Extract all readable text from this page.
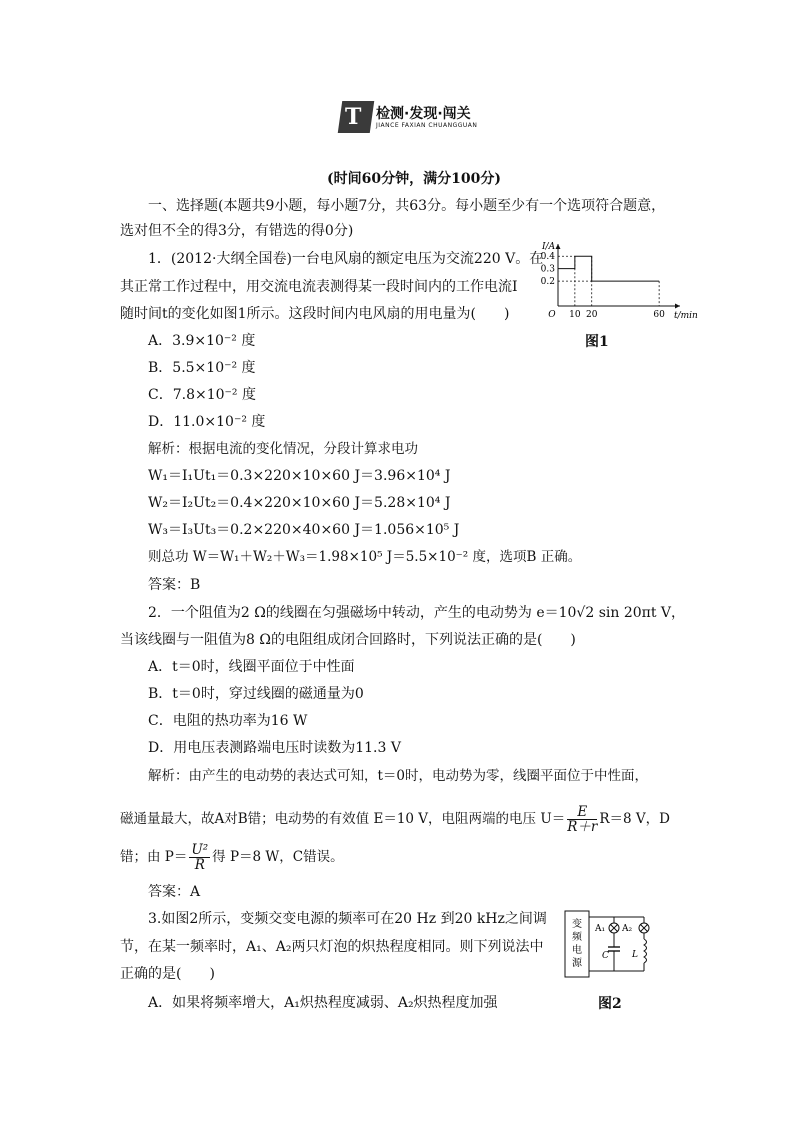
T 检测·发现·闯关
JIANCE FAXIAN CHUANGGUAN
(时间60分钟，满分100分)
一、选择题(本题共9小题，每小题7分，共63分。每小题至少有一个选项符合题意，
选对但不全的得3分，有错选的得0分)
1．(2012·大纲全国卷)一台电风扇的额定电压为交流220 V。在
其正常工作过程中，用交流电流表测得某一段时间内的工作电流I
随时间t的变化如图1所示。这段时间内电风扇的用电量为(　　)
0.4
0.3
0.2
O 10 20	60
I/A
t/min
图1
A．3.9×10⁻² 度
B．5.5×10⁻² 度
C．7.8×10⁻² 度
D．11.0×10⁻² 度
解析：根据电流的变化情况，分段计算求电功
W₁＝I₁Ut₁＝0.3×220×10×60 J＝3.96×10⁴ J
W₂＝I₂Ut₂＝0.4×220×10×60 J＝5.28×10⁴ J
W₃＝I₃Ut₃＝0.2×220×40×60 J＝1.056×10⁵ J
则总功 W＝W₁＋W₂＋W₃＝1.98×10⁵ J＝5.5×10⁻² 度，选项B 正确。
答案：B
2．一个阻值为2 Ω的线圈在匀强磁场中转动，产生的电动势为 e＝10√2 sin 20πt V，
当该线圈与一阻值为8 Ω的电阻组成闭合回路时，下列说法正确的是(　　)
A．t＝0时，线圈平面位于中性面
B．t＝0时，穿过线圈的磁通量为0
C．电阻的热功率为16 W
D．用电压表测路端电压时读数为11.3 V
解析：由产生的电动势的表达式可知，t＝0时，电动势为零，线圈平面位于中性面，
磁通量最大，故A对B错；电动势的有效值 E＝10 V，电阻两端的电压 $U= \frac{E}{R+r} R=8$ V，D
错；由 $P= \frac{\text{U²}}{R}$ 得 P＝8 W，C错误。
答案：A
3.如图2所示，变频交变电源的频率可在20 Hz 到20 kHz之间调
节，在某一频率时，A₁、A₂两只灯泡的炽热程度相同。则下列说法中
正确的是(　　)
A．如果将频率增大，A₁炽热程度减弱、A₂炽热程度加强
变
频
电
源
A₁
C
A₂
L
图2
